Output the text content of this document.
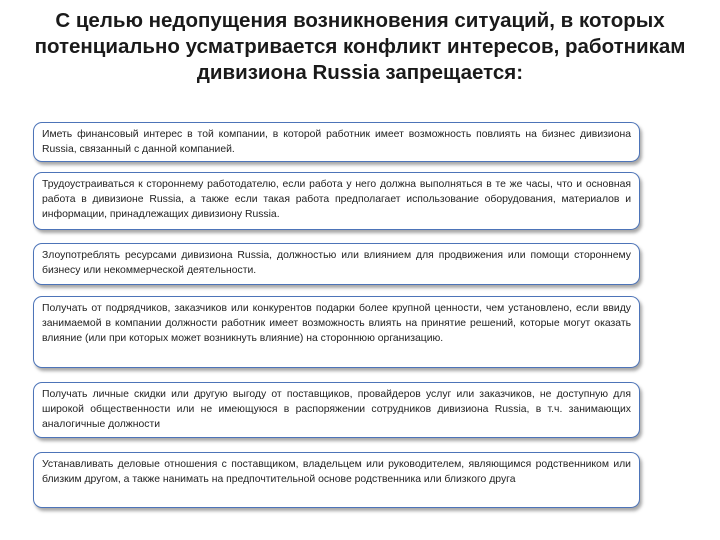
С целью недопущения возникновения ситуаций, в которых потенциально усматривается конфликт интересов, работникам дивизиона Russia запрещается:
Иметь финансовый интерес в той компании, в которой работник имеет возможность повлиять на бизнес дивизиона Russia, связанный с данной компанией.
Трудоустраиваться к стороннему работодателю, если работа у него должна выполняться в те же часы, что и основная работа в дивизионе Russia, а также если такая работа предполагает использование оборудования, материалов и информации, принадлежащих дивизиону Russia.
Злоупотреблять ресурсами дивизиона Russia, должностью или влиянием для продвижения или помощи стороннему бизнесу или некоммерческой деятельности.
Получать от подрядчиков, заказчиков или конкурентов подарки более крупной ценности, чем установлено, если ввиду занимаемой в компании должности работник имеет возможность влиять на принятие решений, которые могут оказать влияние (или при которых может возникнуть влияние) на стороннюю организацию.
Получать личные скидки или другую выгоду от поставщиков, провайдеров услуг или заказчиков, не доступную для широкой общественности или не имеющуюся в распоряжении сотрудников дивизиона Russia, в т.ч. занимающих аналогичные должности
Устанавливать деловые отношения с поставщиком, владельцем или руководителем, являющимся родственником или близким другом, а также нанимать на предпочтительной основе родственника или близкого друга
